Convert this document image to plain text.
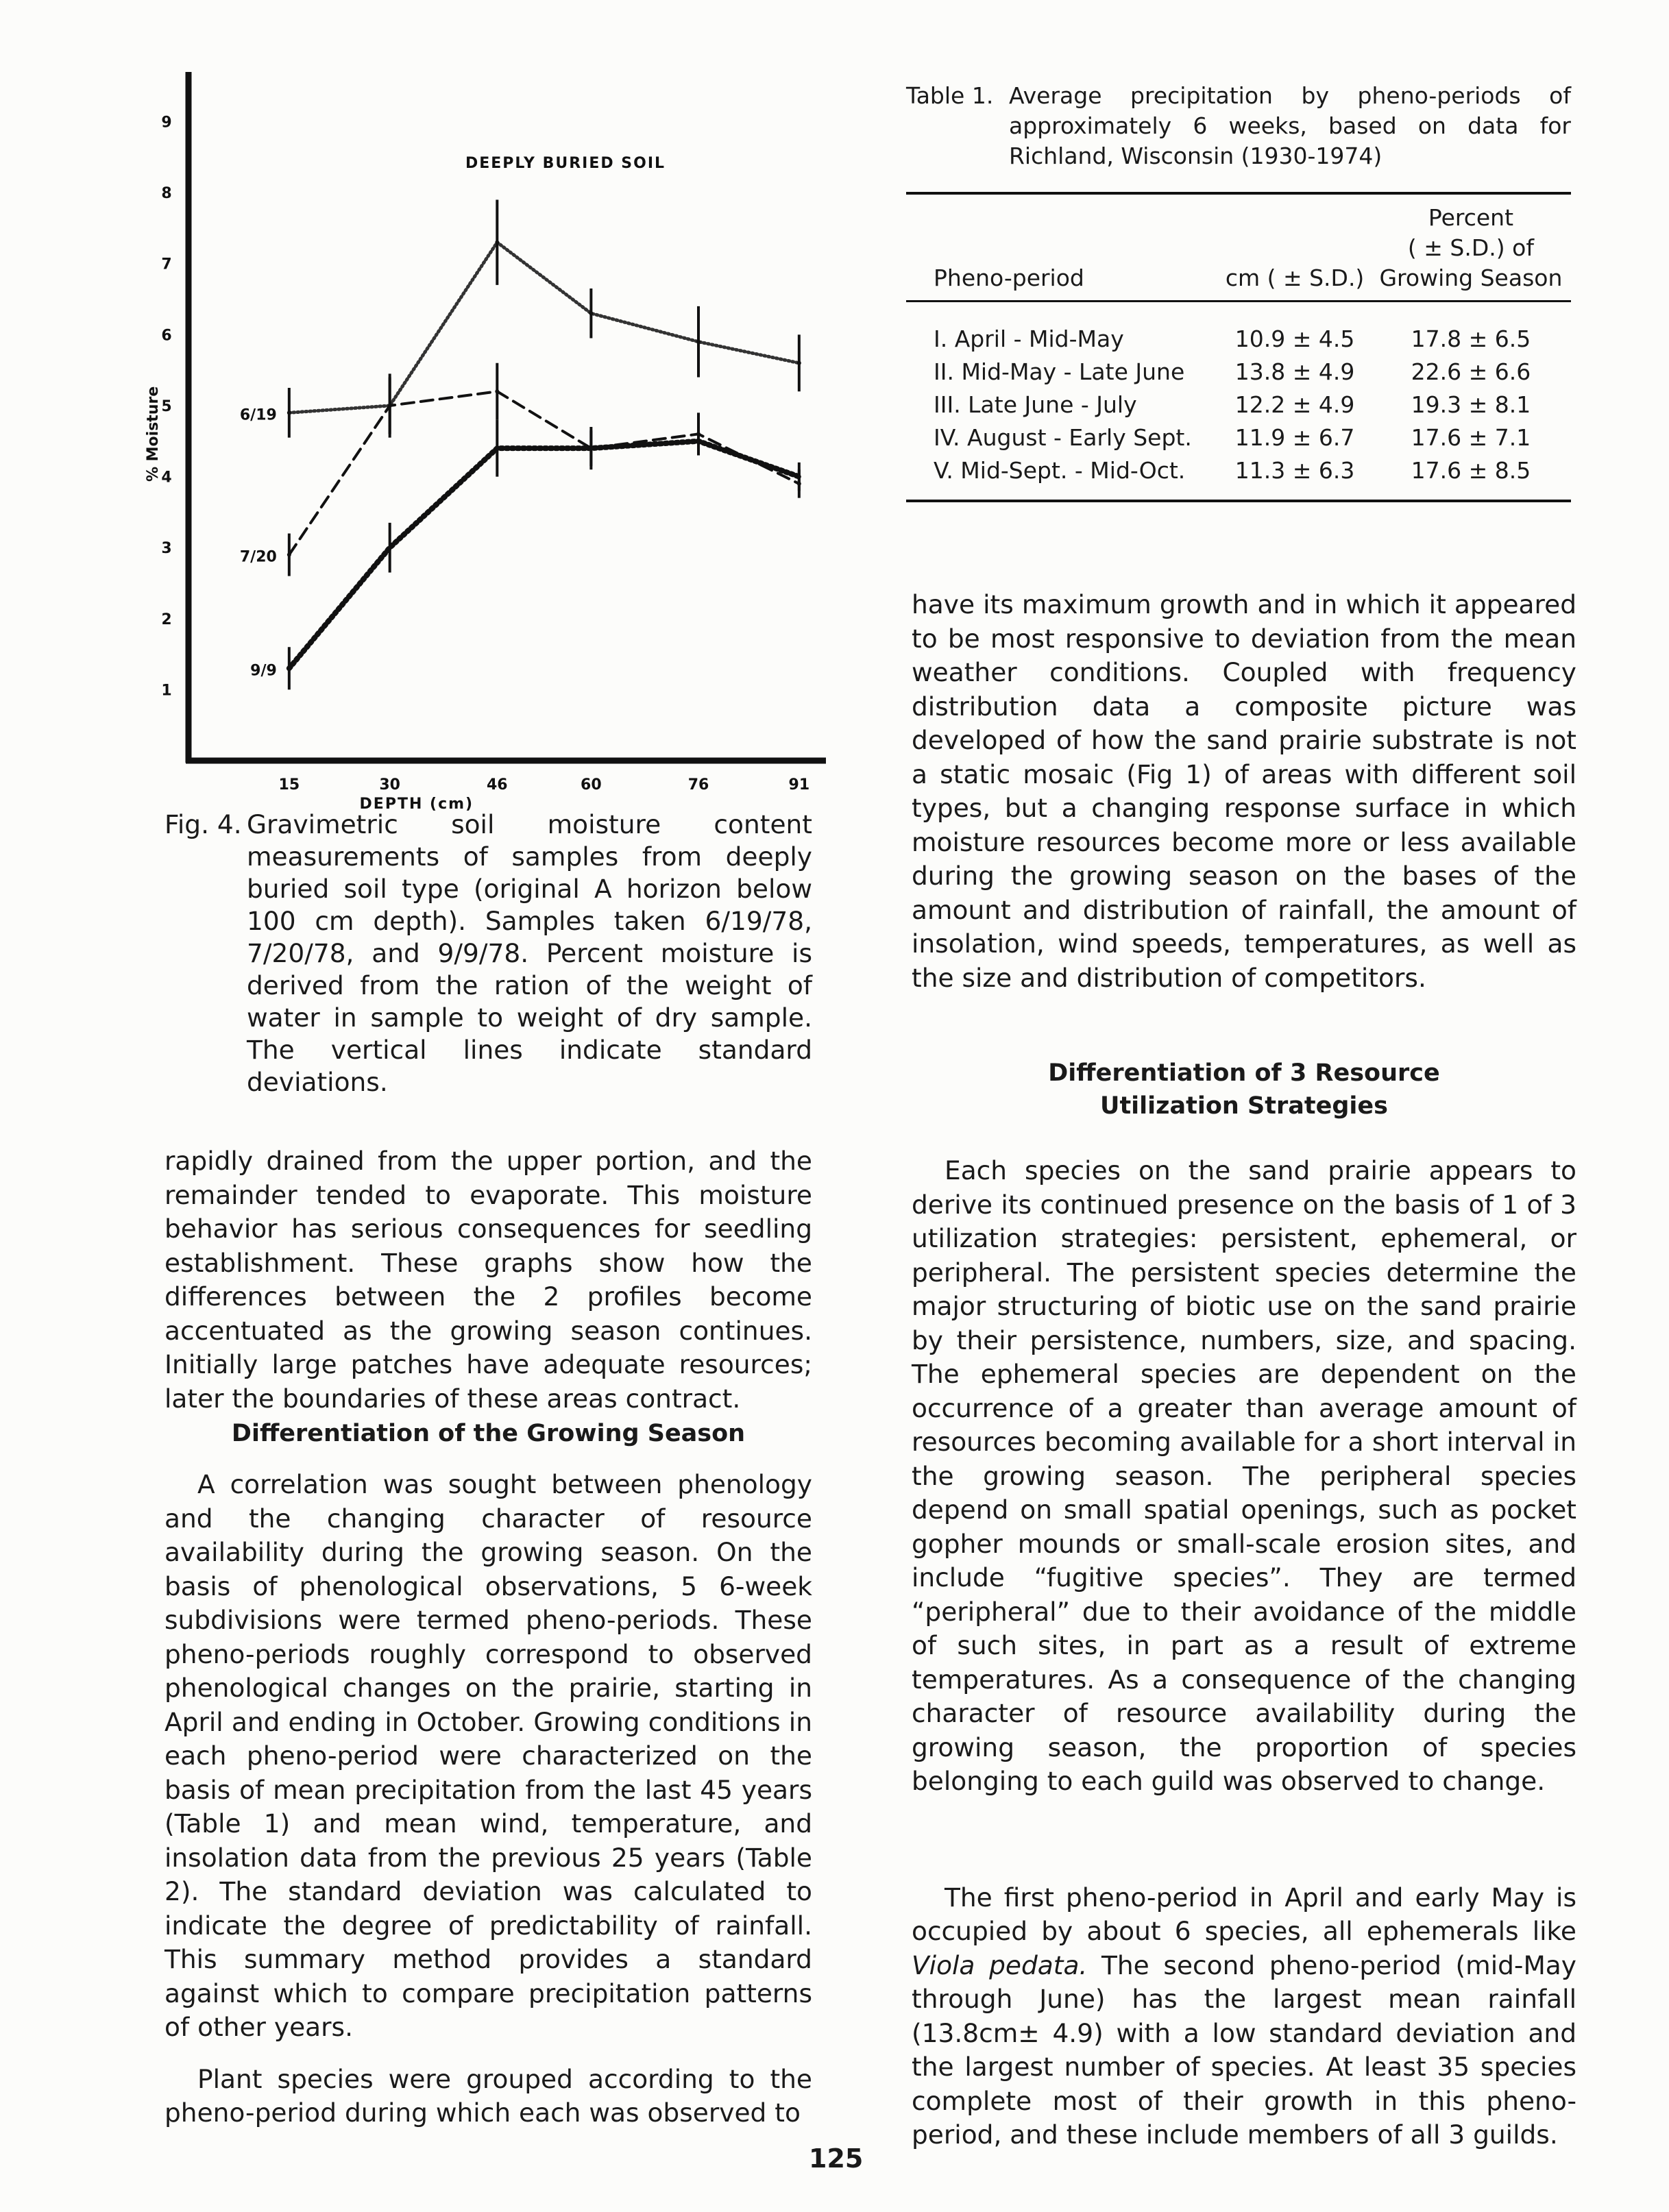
DEEPLY BURIED SOIL
1
2
3
4
5
6
7
8
9
% Moisture
15	30	46	60	76	91
DEPTH (cm)
6/19
7/20
9/9
Fig. 4. Gravimetric soil moisture content measurements of samples from deeply buried soil type (original A horizon below 100 cm depth). Samples taken 6/19/78, 7/20/78, and 9/9/78. Percent moisture is derived from the ration of the weight of water in sample to weight of dry sample. The vertical lines indicate standard deviations.

rapidly drained from the upper portion, and the remainder tended to evaporate. This moisture behavior has serious consequences for seedling establishment. These graphs show how the differences between the 2 profiles become accentuated as the growing season continues. Initially large patches have adequate resources; later the boundaries of these areas contract.

Differentiation of the Growing Season

A correlation was sought between phenology and the changing character of resource availability during the growing season. On the basis of phenological observations, 5 6-week subdivisions were termed pheno-periods. These pheno-periods roughly correspond to observed phenological changes on the prairie, starting in April and ending in October. Growing conditions in each pheno-period were characterized on the basis of mean precipitation from the last 45 years (Table 1) and mean wind, temperature, and insolation data from the previous 25 years (Table 2). The standard deviation was calculated to indicate the degree of predictability of rainfall. This summary method provides a standard against which to compare precipitation patterns of other years.

Plant species were grouped according to the pheno-period during which each was observed to

Table 1. Average precipitation by pheno-periods of approximately 6 weeks, based on data for Richland, Wisconsin (1930-1974)
Pheno-period	cm ( ± S.D.)	Percent
( ± S.D.) of
Growing Season

I. April - Mid-May	10.9 ± 4.5	17.8 ± 6.5
II. Mid-May - Late June	13.8 ± 4.9	22.6 ± 6.6
III. Late June - July	12.2 ± 4.9	19.3 ± 8.1
IV. August - Early Sept.	11.9 ± 6.7	17.6 ± 7.1
V. Mid-Sept. - Mid-Oct.	11.3 ± 6.3	17.6 ± 8.5

have its maximum growth and in which it appeared to be most responsive to deviation from the mean weather conditions. Coupled with frequency distribution data a composite picture was developed of how the sand prairie substrate is not a static mosaic (Fig 1) of areas with different soil types, but a changing response surface in which moisture resources become more or less available during the growing season on the bases of the amount and distribution of rainfall, the amount of insolation, wind speeds, temperatures, as well as the size and distribution of competitors.

Differentiation of 3 Resource

Utilization Strategies

Each species on the sand prairie appears to derive its continued presence on the basis of 1 of 3 utilization strategies: persistent, ephemeral, or peripheral. The persistent species determine the major structuring of biotic use on the sand prairie by their persistence, numbers, size, and spacing. The ephemeral species are dependent on the occurrence of a greater than average amount of resources becoming available for a short interval in the growing season. The peripheral species depend on small spatial openings, such as pocket gopher mounds or small-scale erosion sites, and include “fugitive species”. They are termed “peripheral” due to their avoidance of the middle of such sites, in part as a result of extreme temperatures. As a consequence of the changing character of resource availability during the growing season, the proportion of species belonging to each guild was observed to change.

The first pheno-period in April and early May is occupied by about 6 species, all ephemerals like Viola pedata. The second pheno-period (mid-May through June) has the largest mean rainfall (13.8cm± 4.9) with a low standard deviation and the largest number of species. At least 35 species complete most of their growth in this pheno-period, and these include members of all 3 guilds.

125
